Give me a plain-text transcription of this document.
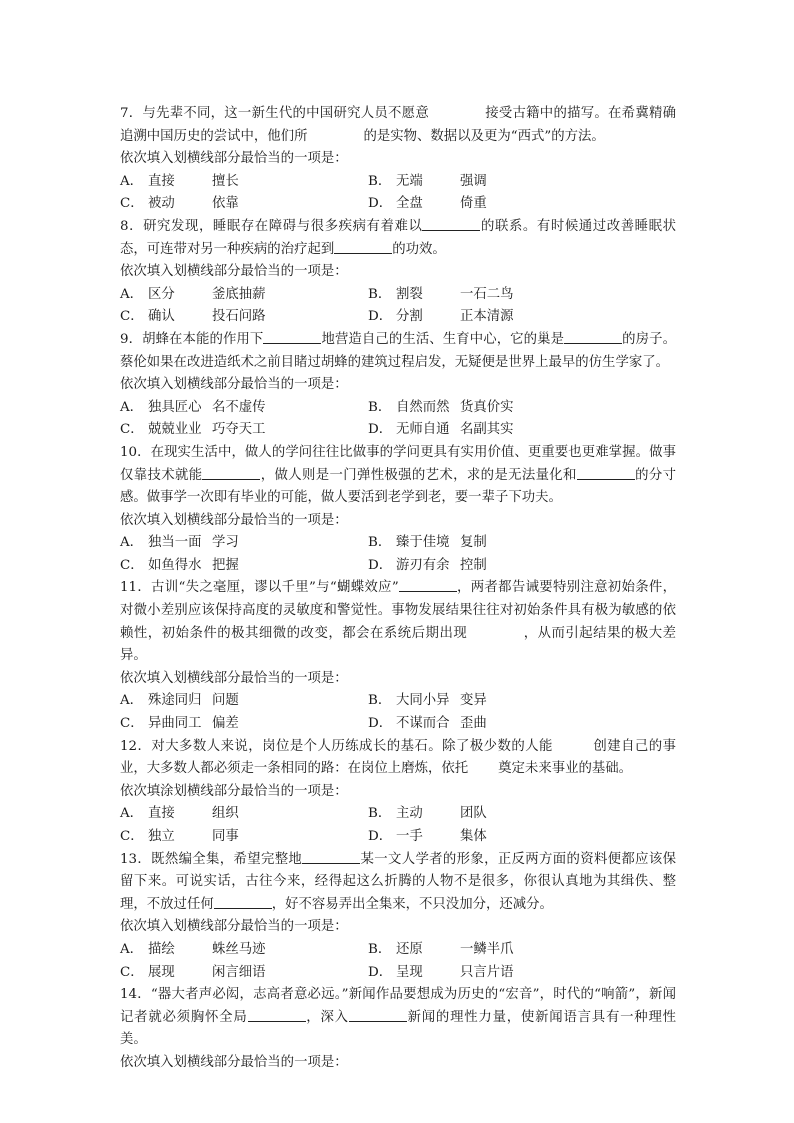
7．与先辈不同，这一新生代的中国研究人员不愿意	接受古籍中的描写。在希冀精确追溯中国历史的尝试中，他们所	的是实物、数据以及更为“西式”的方法。

依次填入划横线部分最恰当的一项是：

A． 直接	擅长	B． 无端	强调
C． 被动	依靠	D． 全盘	倚重

8．研究发现，睡眠存在障碍与很多疾病有着难以	的联系。有时候通过改善睡眠状态，可连带对另一种疾病的治疗起到	的功效。

依次填入划横线部分最恰当的一项是：

A． 区分	釜底抽薪	B． 割裂	一石二鸟
C． 确认	投石问路	D． 分割	正本清源

9．胡蜂在本能的作用下	地营造自己的生活、生育中心，它的巢是	的房子。蔡伦如果在改进造纸术之前目睹过胡蜂的建筑过程启发，无疑便是世界上最早的仿生学家了。

依次填入划横线部分最恰当的一项是：

A． 独具匠心 名不虚传	B． 自然而然 货真价实
C． 兢兢业业 巧夺天工	D． 无师自通 名副其实

10．在现实生活中，做人的学问往往比做事的学问更具有实用价值、更重要也更难掌握。做事仅靠技术就能	，做人则是一门弹性极强的艺术，求的是无法量化和	的分寸感。做事学一次即有毕业的可能，做人要活到老学到老，要一辈子下功夫。

依次填入划横线部分最恰当的一项是：

A． 独当一面 学习	B． 臻于佳境 复制
C． 如鱼得水 把握	D． 游刃有余 控制

11．古训“失之毫厘，谬以千里”与“蝴蝶效应”	，两者都告诫要特别注意初始条件，对微小差别应该保持高度的灵敏度和警觉性。事物发展结果往往对初始条件具有极为敏感的依赖性，初始条件的极其细微的改变，都会在系统后期出现	，从而引起结果的极大差异。

依次填入划横线部分最恰当的一项是：

A． 殊途同归 问题	B． 大同小异 变异
C． 异曲同工 偏差	D． 不谋而合 歪曲

12．对大多数人来说，岗位是个人历练成长的基石。除了极少数的人能	创建自己的事业，大多数人都必须走一条相同的路：在岗位上磨炼，依托 奠定未来事业的基础。

依次填涂划横线部分最恰当的一项是：

A． 直接	组织	B． 主动	团队
C． 独立	同事	D． 一手	集体

13．既然编全集，希望完整地	某一文人学者的形象，正反两方面的资料便都应该保留下来。可说实话，古往今来，经得起这么折腾的人物不是很多，你很认真地为其缉佚、整理，不放过任何	，好不容易弄出全集来，不只没加分，还减分。

依次填入划横线部分最恰当的一项是：

A． 描绘	蛛丝马迹	B． 还原	一鳞半爪
C． 展现	闲言细语	D． 呈现	只言片语

14．“器大者声必闳，志高者意必远。”新闻作品要想成为历史的“宏音”，时代的“响箭”，新闻记者就必须胸怀全局	，深入	新闻的理性力量，使新闻语言具有一种理性美。

依次填入划横线部分最恰当的一项是：
